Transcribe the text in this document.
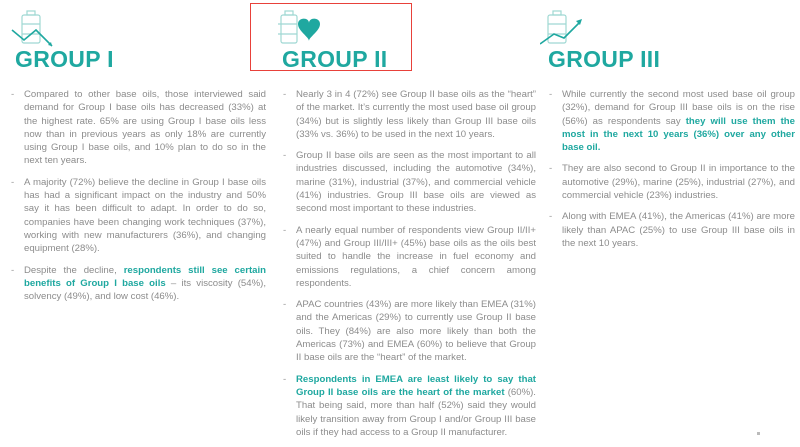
GROUP I
- Compared to other base oils, those interviewed said demand for Group I base oils has decreased (33%) at the highest rate. 65% are using Group I base oils less now than in previous years as only 18% are currently using Group I base oils, and 10% plan to do so in the next ten years.
- A majority (72%) believe the decline in Group I base oils has had a significant impact on the industry and 50% say it has been difficult to adapt. In order to do so, companies have been changing work techniques (37%), working with new manufacturers (36%), and changing equipment (28%).
- Despite the decline, respondents still see certain benefits of Group I base oils – its viscosity (54%), solvency (49%), and low cost (46%).
GROUP II
- Nearly 3 in 4 (72%) see Group II base oils as the “heart” of the market. It’s currently the most used base oil group (34%) but is slightly less likely than Group III base oils (33% vs. 36%) to be used in the next 10 years.
- Group II base oils are seen as the most important to all industries discussed, including the automotive (34%), marine (31%), industrial (37%), and commercial vehicle (41%) industries. Group III base oils are viewed as second most important to these industries.
- A nearly equal number of respondents view Group II/II+ (47%) and Group III/III+ (45%) base oils as the oils best suited to handle the increase in fuel economy and emissions regulations, a chief concern among respondents.
- APAC countries (43%) are more likely than EMEA (31%) and the Americas (29%) to currently use Group II base oils. They (84%) are also more likely than both the Americas (73%) and EMEA (60%) to believe that Group II base oils are the “heart” of the market.
- Respondents in EMEA are least likely to say that Group II base oils are the heart of the market (60%). That being said, more than half (52%) said they would likely transition away from Group I and/or Group III base oils if they had access to a Group II manufacturer.
GROUP III
- While currently the second most used base oil group (32%), demand for Group III base oils is on the rise (56%) as respondents say they will use them the most in the next 10 years (36%) over any other base oil.
- They are also second to Group II in importance to the automotive (29%), marine (25%), industrial (27%), and commercial vehicle (23%) industries.
- Along with EMEA (41%), the Americas (41%) are more likely than APAC (25%) to use Group III base oils in the next 10 years.
